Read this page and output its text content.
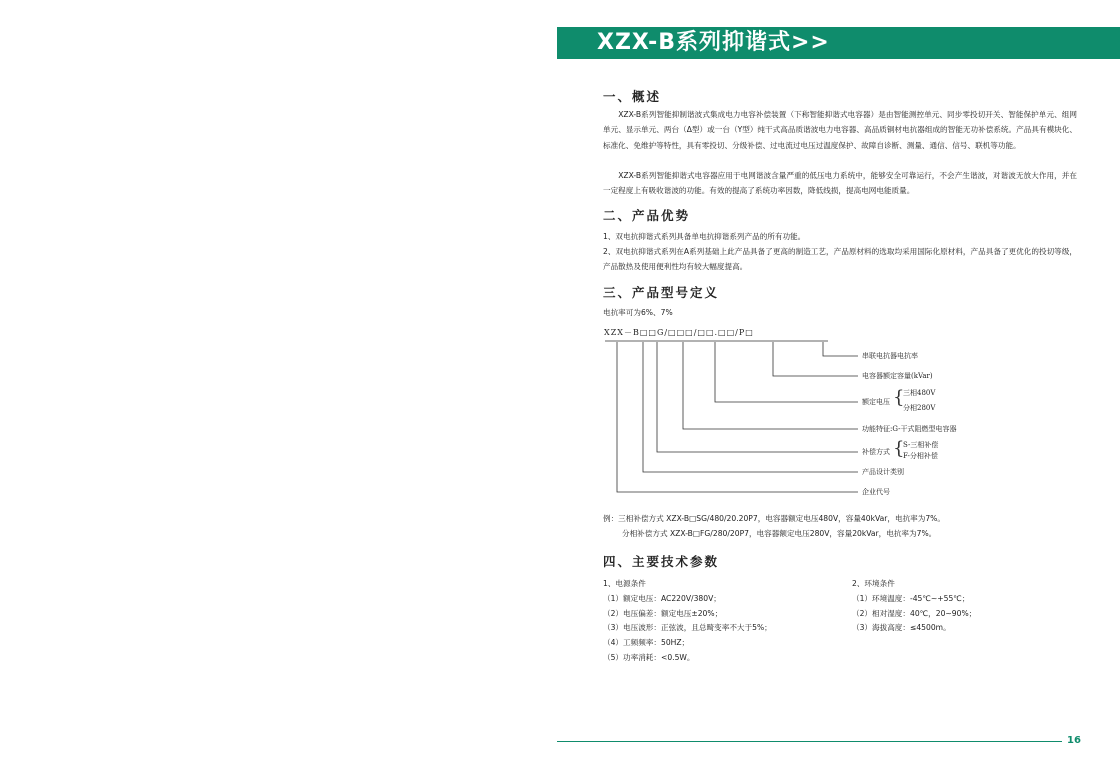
XZX-B系列抑谐式>>
一、概述

XZX-B系列智能抑制谐波式集成电力电容补偿装置（下称智能抑谐式电容器）是由智能测控单元、同步零投切开关、智能保护单元、组网单元、显示单元、两台（Δ型）或一台（Y型）纯干式高品质谐波电力电容器、高品质铜材电抗器组成的智能无功补偿系统。产品具有模块化、标准化、免维护等特性，具有零投切、分级补偿、过电流过电压过温度保护、故障自诊断、测量、通信、信号、联机等功能。

XZX-B系列智能抑谐式电容器应用于电网谐波含量严重的低压电力系统中，能够安全可靠运行，不会产生谐波，对谐波无放大作用，并在一定程度上有吸收谐波的功能。有效的提高了系统功率因数，降低线损，提高电网电能质量。

二、产品优势

1、双电抗抑谐式系列具备单电抗抑谐系列产品的所有功能。

2、双电抗抑谐式系列在A系列基础上此产品具备了更高的制造工艺，产品原材料的选取均采用国际化原材料，产品具备了更优化的投切等级，产品散热及使用便利性均有较大幅度提高。

三、产品型号定义
电抗率可为6%、7%
例：三相补偿方式 XZX-B□SG/480/20.20P7，电容器额定电压480V，容量40kVar，电抗率为7%。
分相补偿方式 XZX-B□FG/280/20P7，电容器额定电压280V，容量20kVar，电抗率为7%。
四、主要技术参数
XZX－B□□G/□□□/□□.□□/P□
串联电抗器电抗率
电容器额定容量(kVar)
额定电压 {
三相480V
分相280V
功能特征:G-干式阻燃型电容器
补偿方式 {
S-三相补偿
F-分相补偿
产品设计类别
企业代号
1、电源条件
（1）额定电压：AC220V/380V；
（2）电压偏差：额定电压±20%；
（3）电压波形：正弦波，且总畸变率不大于5%；
（4）工频频率：50HZ；
（5）功率消耗：<0.5W。
2、环境条件
（1）环境温度：-45℃~+55℃；
（2）相对湿度：40℃，20~90%；
（3）海拔高度：≤4500m。
16
